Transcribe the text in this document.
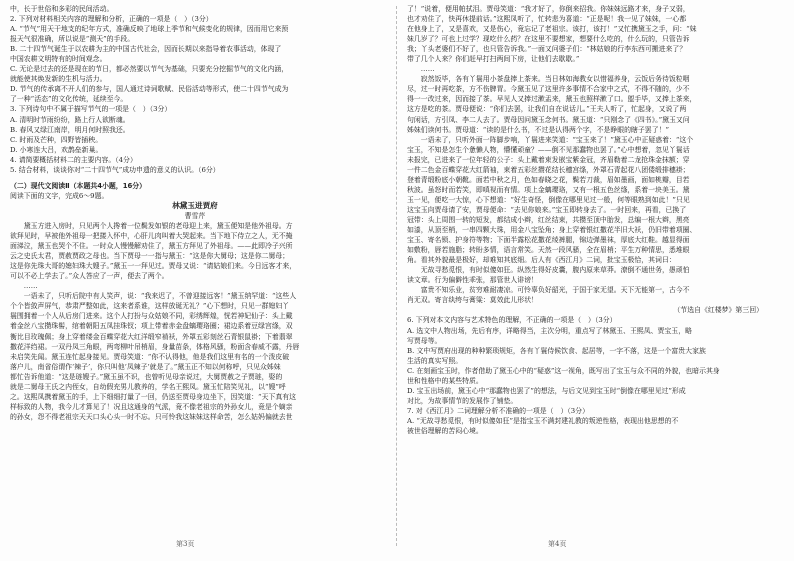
中，长于世俗和多彩的民间活动。

2. 下列对材料相关内容的理解和分析，正确的一项是（　）（3分）

A. “节气”用天干地支的纪年方式，准确反映了地球上季节和气候变化的规律，因而用它来预

报天气很准确，所以说是“测天”的手段。

B. 二十四节气诞生于以农耕为主的中国古代社会，因而长期以来指导着农事活动，体现了

中国农耕文明特有的时间观念。

C. 无论是过去的还是现在的节日，都必然要以节气为基础，只要充分挖掘节气的文化内涵，

就能使其焕发新的生机与活力。

D. 节气的传承离不开人们的参与，国人通过诗词歌赋、民俗活动等形式，使二十四节气成为

了一种“活态”的文化传统，延续至今。

3. 下列诗句中不属于描写节气的一项是（　）（3分）

A. 清明时节雨纷纷，路上行人欲断魂。

B. 春风又绿江南岸，明月何时照我还。

C. 时雨及芒种，四野皆插秧。

D. 小寒连大吕，欢鹊垒新巢。

4. 请简要概括材料二的主要内容。（4分）

5. 结合材料，谈谈你对“二十四节气”成功申遗的意义的认识。（6分）

（二）现代文阅读Ⅱ（本题共4小题，16分）

阅读下面的文字，完成6～9题。

林黛玉进贾府

曹雪芹

黛玉方进入房时，只见两个人搀着一位鬓发如银的老母迎上来，黛玉便知是他外祖母。方

欲拜见时，早被他外祖母一把搂入怀中，心肝儿肉叫着大哭起来。当下地下侍立之人，无不掩

面涕泣，黛玉也哭个不住。一时众人慢慢解劝住了，黛玉方拜见了外祖母。——此即冷子兴所

云之史氏太君，贾赦贾政之母也。当下贾母一一指与黛玉：“这是你大舅母；这是你二舅母；

这是你先珠大哥的媳妇珠大嫂子。”黛玉一一拜见过。贾母又说：“请姑娘们来。今日远客才来，

可以不必上学去了。”众人答应了一声，便去了两个。

……

一语未了，只听后院中有人笑声，说：“我来迟了，不曾迎接远客！”黛玉纳罕道：“这些人

个个皆敛声屏气，恭肃严整如此，这来者系谁，这样放诞无礼？”心下想时，只见一群媳妇丫

鬟围拥着一个人从后房门进来。这个人打扮与众姑娘不同，彩绣辉煌，恍若神妃仙子：头上戴

着金丝八宝攒珠髻，绾着朝阳五凤挂珠钗；项上带着赤金盘螭璎珞圈；裙边系着豆绿宫绦，双

衡比目玫瑰佩；身上穿着缕金百蝶穿花大红洋缎窄褃袄，外罩五彩刻丝石青银鼠褂；下着翡翠

撒花洋绉裙。一双丹凤三角眼，两弯柳叶吊梢眉，身量苗条，体格风骚，粉面含春威不露，丹唇

未启笑先闻。黛玉连忙起身接见。贾母笑道：“你不认得他，他是我们这里有名的一个泼皮破

落户儿，南省俗谓作‘辣子’，你只叫他‘凤辣子’就是了。”黛玉正不知以何称呼，只见众姊妹

都忙告诉他道：“这是琏嫂子。”黛玉虽不识，也曾听见母亲说过，大舅贾赦之子贾琏，娶的

就是二舅母王氏之内侄女，自幼假充男儿教养的，学名王熙凤。黛玉忙陪笑见礼，以“嫂”呼

之。这熙凤携着黛玉的手，上下细细打量了一回，仍送至贾母身边坐下，因笑道：“天下真有这

样标致的人物，我今儿才算见了！况且这通身的气派，竟不像老祖宗的外孙女儿，竟是个嫡亲

的孙女，怨不得老祖宗天天口头心头一时不忘。只可怜我这妹妹这样命苦，怎么姑妈偏就去世

了！”说着，便用帕拭泪。贾母笑道：“我才好了，你倒来招我。你妹妹远路才来，身子又弱，

也才劝住了，快再休提前话。”这熙凤听了，忙转悲为喜道：“正是呢！我一见了妹妹，一心都

在他身上了，又是喜欢，又是伤心，竟忘记了老祖宗。该打，该打！”又忙携黛玉之手，问：“妹

妹几岁了？可也上过学？现吃什么药？在这里不要想家，想要什么吃的，什么玩的，只管告诉

我；丫头老婆们不好了，也只管告诉我。”一面又问婆子们：“林姑娘的行李东西可搬进来了？

带了几个人来？你们赶早打扫两间下房，让他们去歇歇。”

……

寂然饭毕，各有丫鬟用小茶盘捧上茶来。当日林如海教女以惜福养身，云饭后务待饭粒咽

尽，过一时再吃茶，方不伤脾胃。今黛玉见了这里许多事情不合家中之式，不得不随的，少不

得一一改过来，因而接了茶。早见人又捧过漱盂来，黛玉也照样漱了口。盥手毕，又捧上茶来，

这方是吃的茶。贾母便说：“你们去罢，让我们自在说话儿。”王夫人听了，忙起身，又说了两

句闲话，方引凤、李二人去了。贾母因问黛玉念何书。黛玉道：“只刚念了《四书》。”黛玉又问

姊妹们读何书。贾母道：“读的是什么书，不过是认得两个字，不是睁眼的瞎子罢了！”

一语未了，只听外面一阵脚步响，丫鬟进来笑道：“宝玉来了！”黛玉心中正疑惑着：“这个

宝玉，不知是怎生个惫懒人物，懵懂顽童？——倒不见那蠢物也罢了。”心中想着，忽见丫鬟话

未报完，已进来了一位年轻的公子：头上戴着束发嵌宝紫金冠，齐眉勒着二龙抢珠金抹额；穿

一件二色金百蝶穿花大红箭袖，束着五彩丝攒花结长穗宫绦，外罩石青起花八团倭缎排穗褂；

登着青缎粉底小朝靴。面若中秋之月，色如春晓之花，鬓若刀裁，眉如墨画，面如桃瓣，目若

秋波。虽怒时而若笑，即嗔视而有情。项上金螭璎珞，又有一根五色丝绦，系着一块美玉。黛

玉一见，便吃一大惊，心下想道：“好生奇怪，倒像在哪里见过一般，何等眼熟到如此！”只见

这宝玉向贾母请了安，贾母便命：“去见你娘来。”宝玉即转身去了。一时回来，再看，已换了

冠带：头上周围一转的短发，都结成小辫，红丝结束，共攒至顶中胎发，总编一根大辫，黑亮

如漆，从顶至梢，一串四颗大珠，用金八宝坠角；身上穿着银红撒花半旧大袄，仍旧带着项圈、

宝玉、寄名锁、护身符等物；下面半露松花撒花绫裤腿，锦边弹墨袜，厚底大红鞋。越显得面

如敷粉，唇若施脂；转盼多情，语言常笑。天然一段风骚，全在眉梢；平生万种情思，悉堆眼

角。看其外貌最是极好，却难知其底细。后人有《西江月》二词，批宝玉极恰，其词曰：

无故寻愁觅恨，有时似傻如狂。纵然生得好皮囊，腹内原来草莽。潦倒不通世务，愚顽怕

读文章。行为偏僻性乖张，那管世人诽谤！

富贵不知乐业，贫穷难耐凄凉。可怜辜负好韶光，于国于家无望。天下无能第一，古今不

肖无双。寄言纨绔与膏粱：莫效此儿形状！

（节选自《红楼梦》第三回）

6. 下列对本文内容与艺术特色的理解，不正确的一项是（　）（3分）

A. 选文中人物出场，先后有序，详略得当，主次分明，重点写了林黛玉、王熙凤、贾宝玉，略

写贾母等。

B. 文中写贾府出现的种种繁琐规矩，各有丫鬟侍候饮食、起居等，一字不落，这是一个富贵大家族

生活的真实写照。

C. 在刻画宝玉时，作者借助了黛玉心中的“疑惑”这一视角，既写出了宝玉与众不同的外貌，也暗示其身

世和性格中的某些特质。

D. 宝玉出场前，黛玉心中“那蠢物也罢了”的想法，与后文见到宝玉时“倒像在哪里见过”形成

对比，为故事情节的发展作了铺垫。

7. 对《西江月》二词理解分析不准确的一项是（　）（3分）

A. “无故寻愁觅恨，有时似傻如狂”是指宝玉不满封建礼教的叛逆性格，表现出他思想的不

被世俗理解的苦闷心境。

第3页	第4页
